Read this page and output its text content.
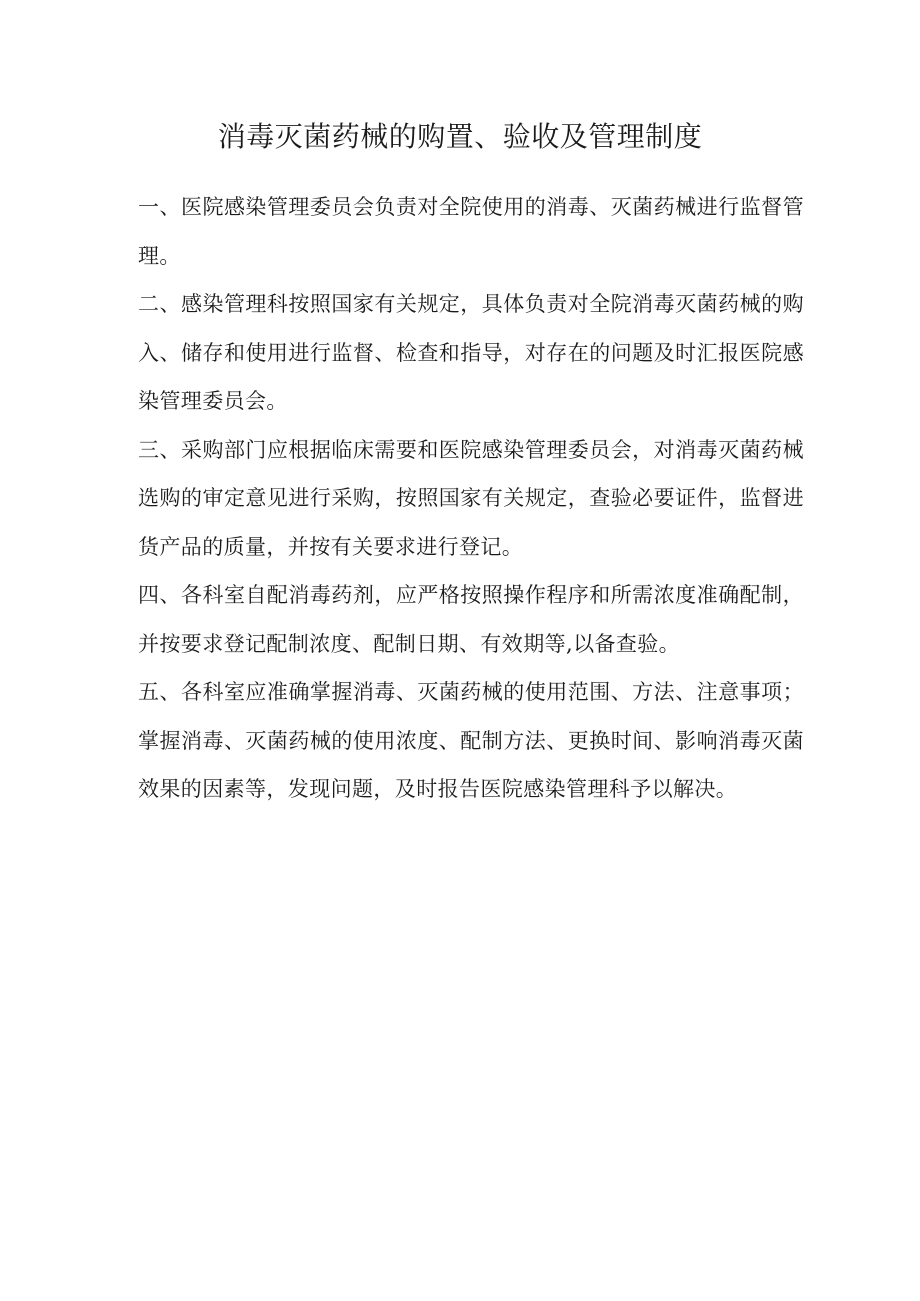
消毒灭菌药械的购置、验收及管理制度

一、医院感染管理委员会负责对全院使用的消毒、灭菌药械进行监督管理。

二、感染管理科按照国家有关规定，具体负责对全院消毒灭菌药械的购入、储存和使用进行监督、检查和指导，对存在的问题及时汇报医院感染管理委员会。

三、采购部门应根据临床需要和医院感染管理委员会，对消毒灭菌药械选购的审定意见进行采购，按照国家有关规定，查验必要证件，监督进货产品的质量，并按有关要求进行登记。

四、各科室自配消毒药剂，应严格按照操作程序和所需浓度准确配制，并按要求登记配制浓度、配制日期、有效期等,以备查验。

五、各科室应准确掌握消毒、灭菌药械的使用范围、方法、注意事项；掌握消毒、灭菌药械的使用浓度、配制方法、更换时间、影响消毒灭菌效果的因素等，发现问题，及时报告医院感染管理科予以解决。
